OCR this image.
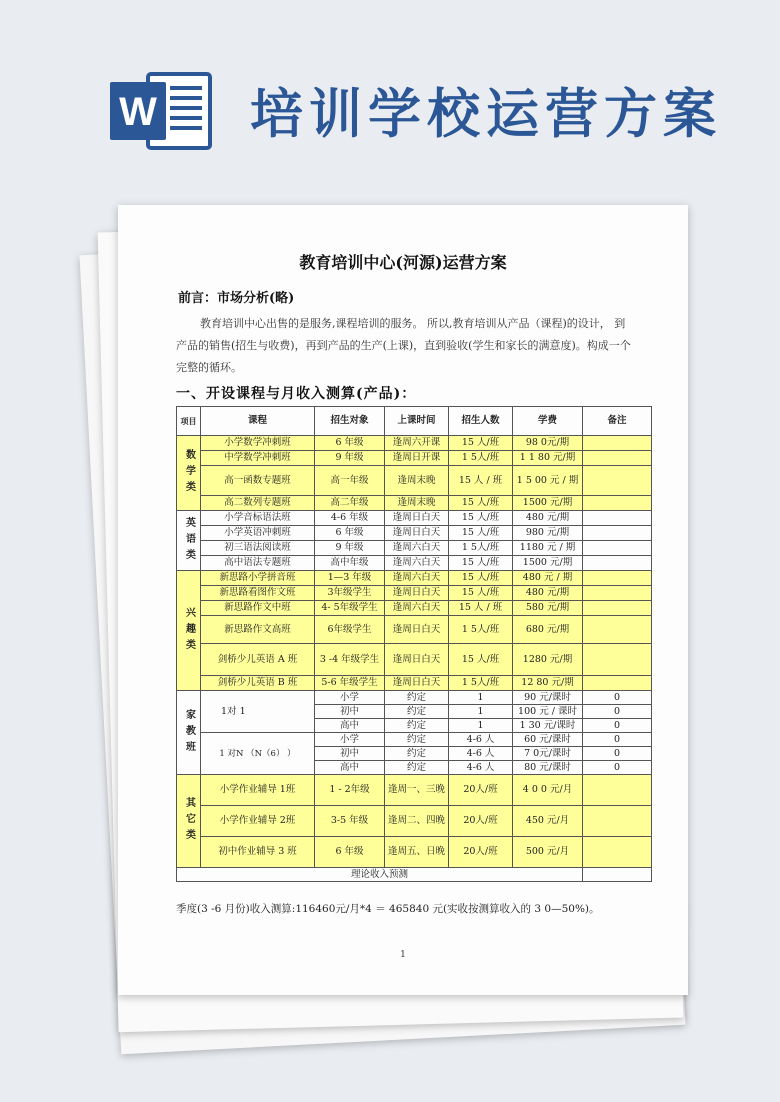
W 培训学校运营方案
教育培训中心(河源)运营方案
前言：市场分析(略)
教育培训中心出售的是服务,课程培训的服务。 所以,教育培训从产品（课程)的设计， 到产品的销售(招生与收费)，再到产品的生产(上课)，直到验收(学生和家长的满意度)。构成一个完整的循环。
一、开设课程与月收入测算(产品)：
项目	课程	招生对象	上课时间	招生人数	学费	备注
数学类	小学数学冲刺班	6 年级	逢周六开课	15 人/班	98 0元/期	
	中学数学冲刺班	9 年级	逢周日开课	1 5人/班	1 1 80 元/期	
	高一函数专题班	高一年级	逢周末晚	15 人 / 班	1 5 00 元 / 期	
	高二数列专题班	高二年级	逢周末晚	15 人/班	1500 元/期	
英语类	小学音标语法班	4-6 年级	逢周日白天	15 人/班	480 元/期	
	小学英语冲刺班	6 年级	逢周日白天	15 人/班	980 元/期	
	初三语法阅读班	9 年级	逢周六白天	1 5人/班	1180 元 / 期	
	高中语法专题班	高中年级	逢周六白天	15 人/班	1500 元/期	
兴趣类	新思路小学拼音班	1—3 年级	逢周六白天	15 人/班	480 元 / 期	
	新思路看图作文班	3年级学生	逢周日白天	15 人/班	480 元/期	
	新思路作文中班	4- 5年级学生	逢周六白天	15 人 / 班	580 元/期	
	新思路作文高班	6年级学生	逢周日白天	1 5人/班	680 元/期	
	剑桥少儿英语 A 班	3 -4 年级学生	逢周日白天	15 人/班	1280 元/期	
	剑桥少儿英语 B 班	5-6 年级学生	逢周日白天	1 5人/班	12 80 元/期	
家教班	1对 1	小学	约定	1	90 元/课时	0
		初中	约定	1	100 元 / 课时	0
		高中	约定	1	1 30 元/课时	0
	1 对N （N（6） ）	小学	约定	4-6 人	60 元/课时	0
		初中	约定	4-6 人	7 0元/课时	0
		高中	约定	4-6 人	80 元/课时	0
其它类	小学作业辅导 1班	1 - 2年级	逢周一、三晚	20人/班	4 0 0 元/月	
	小学作业辅导 2班	3-5 年级	逢周二、四晚	20人/班	450 元/月	
	初中作业辅导 3 班	6 年级	逢周五、日晚	20人/班	500 元/月	
理论收入预测						
季度(3 -6 月份)收入测算:116460元/月*4 ＝ 465840 元(实收按测算收入的 3 0—50%)。
1
